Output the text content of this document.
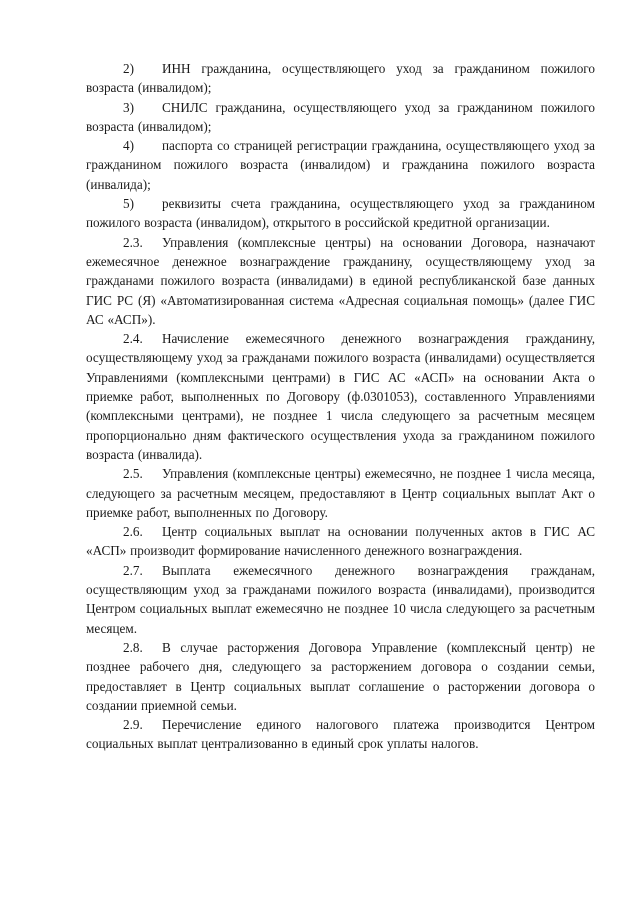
2) ИНН гражданина, осуществляющего уход за гражданином пожилого возраста (инвалидом);

3) СНИЛС гражданина, осуществляющего уход за гражданином пожилого возраста (инвалидом);

4) паспорта со страницей регистрации гражданина, осуществляющего уход за гражданином пожилого возраста (инвалидом) и гражданина пожилого возраста (инвалида);

5) реквизиты счета гражданина, осуществляющего уход за гражданином пожилого возраста (инвалидом), открытого в российской кредитной организации.

2.3. Управления (комплексные центры) на основании Договора, назначают ежемесячное денежное вознаграждение гражданину, осуществляющему уход за гражданами пожилого возраста (инвалидами) в единой республиканской базе данных ГИС РС (Я) «Автоматизированная система «Адресная социальная помощь» (далее ГИС АС «АСП»).

2.4. Начисление ежемесячного денежного вознаграждения гражданину, осуществляющему уход за гражданами пожилого возраста (инвалидами) осуществляется Управлениями (комплексными центрами) в ГИС АС «АСП» на основании Акта о приемке работ, выполненных по Договору (ф.0301053), составленного Управлениями (комплексными центрами), не позднее 1 числа следующего за расчетным месяцем пропорционально дням фактического осуществления ухода за гражданином пожилого возраста (инвалида).

2.5. Управления (комплексные центры) ежемесячно, не позднее 1 числа месяца, следующего за расчетным месяцем, предоставляют в Центр социальных выплат Акт о приемке работ, выполненных по Договору.

2.6. Центр социальных выплат на основании полученных актов в ГИС АС «АСП» производит формирование начисленного денежного вознаграждения.

2.7. Выплата ежемесячного денежного вознаграждения гражданам, осуществляющим уход за гражданами пожилого возраста (инвалидами), производится Центром социальных выплат ежемесячно не позднее 10 числа следующего за расчетным месяцем.

2.8. В случае расторжения Договора Управление (комплексный центр) не позднее рабочего дня, следующего за расторжением договора о создании семьи, предоставляет в Центр социальных выплат соглашение о расторжении договора о создании приемной семьи.

2.9. Перечисление единого налогового платежа производится Центром социальных выплат централизованно в единый срок уплаты налогов.
